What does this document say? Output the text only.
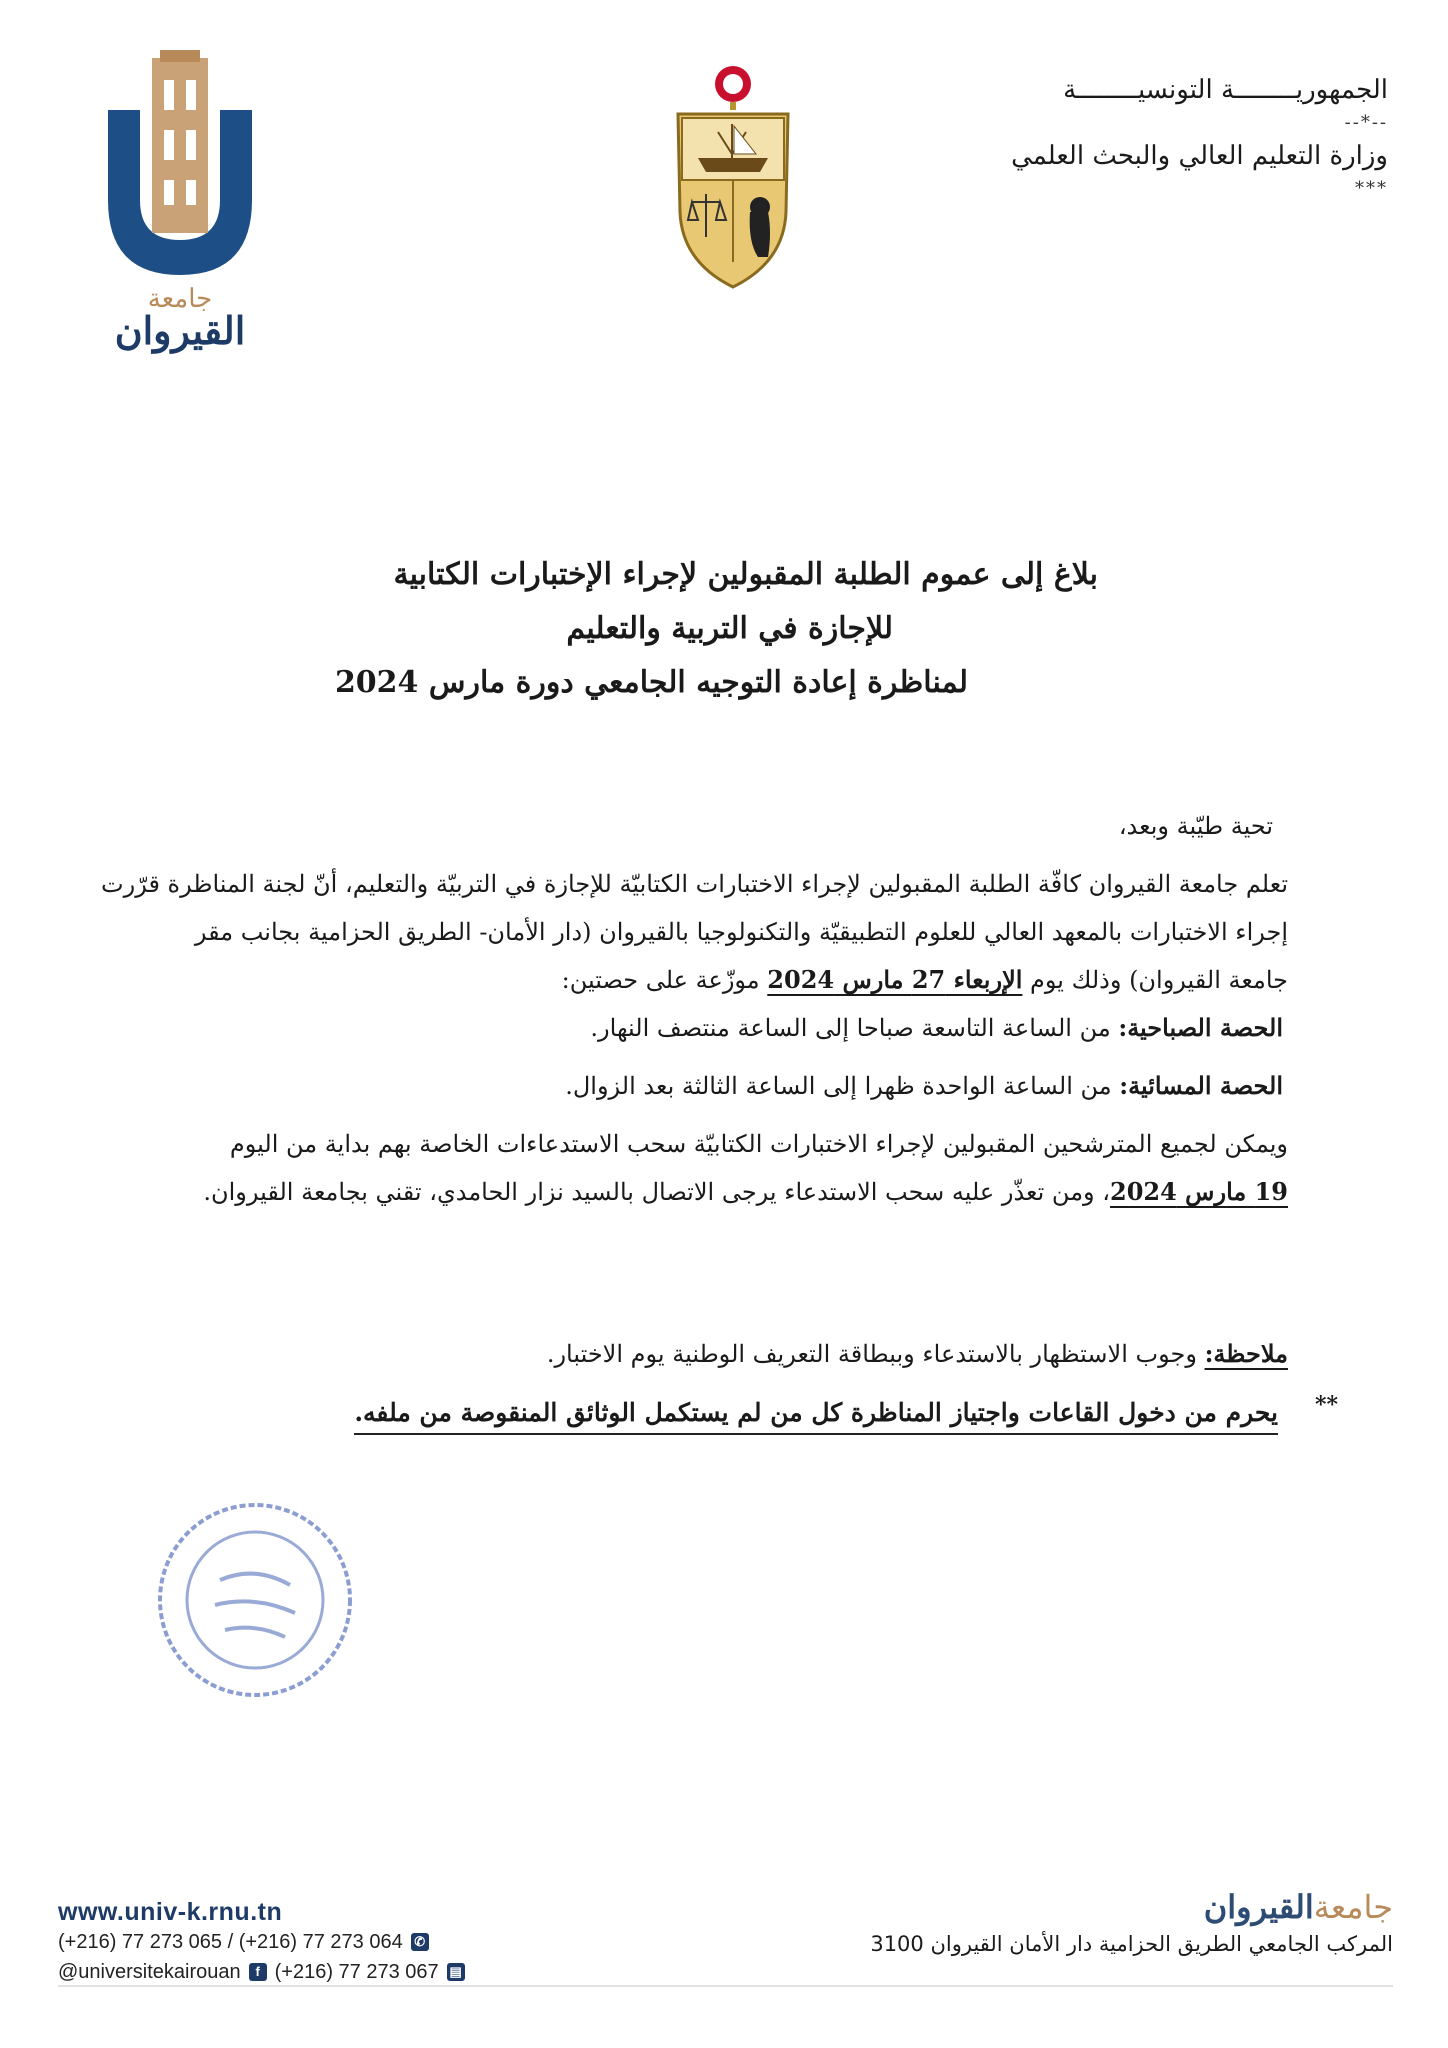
الجمهوريــــــــة التونسيــــــــة
--*--
وزارة التعليم العالي والبحث العلمي
***
جامعة
القيروان
بلاغ إلى عموم الطلبة المقبولين لإجراء الإختبارات الكتابية
للإجازة في التربية والتعليم
لمناظرة إعادة التوجيه الجامعي دورة مارس 2024
تحية طيّبة وبعد،
تعلم جامعة القيروان كافّة الطلبة المقبولين لإجراء الاختبارات الكتابيّة للإجازة في التربيّة والتعليم، أنّ لجنة المناظرة قرّرت
إجراء الاختبارات بالمعهد العالي للعلوم التطبيقيّة والتكنولوجيا بالقيروان (دار الأمان- الطريق الحزامية بجانب مقر
جامعة القيروان) وذلك يوم الإربعاء 27 مارس 2024 موزّعة على حصتين:
الحصة الصباحية: من الساعة التاسعة صباحا إلى الساعة منتصف النهار.
الحصة المسائية: من الساعة الواحدة ظهرا إلى الساعة الثالثة بعد الزوال.
ويمكن لجميع المترشحين المقبولين لإجراء الاختبارات الكتابيّة سحب الاستدعاءات الخاصة بهم بداية من اليوم
19 مارس 2024، ومن تعذّر عليه سحب الاستدعاء يرجى الاتصال بالسيد نزار الحامدي، تقني بجامعة القيروان.
ملاحظة: وجوب الاستظهار بالاستدعاء وببطاقة التعريف الوطنية يوم الاختبار.
**
يحرم من دخول القاعات واجتياز المناظرة كل من لم يستكمل الوثائق المنقوصة من ملفه.
www.univ-k.rnu.tn
(+216) 77 273 065 / (+216) 77 273 064 ✆
@universitekairouan	f (+216) 77 273 067 ▤
جامعةالقيروان
المركب الجامعي الطريق الحزامية دار الأمان القيروان 3100
